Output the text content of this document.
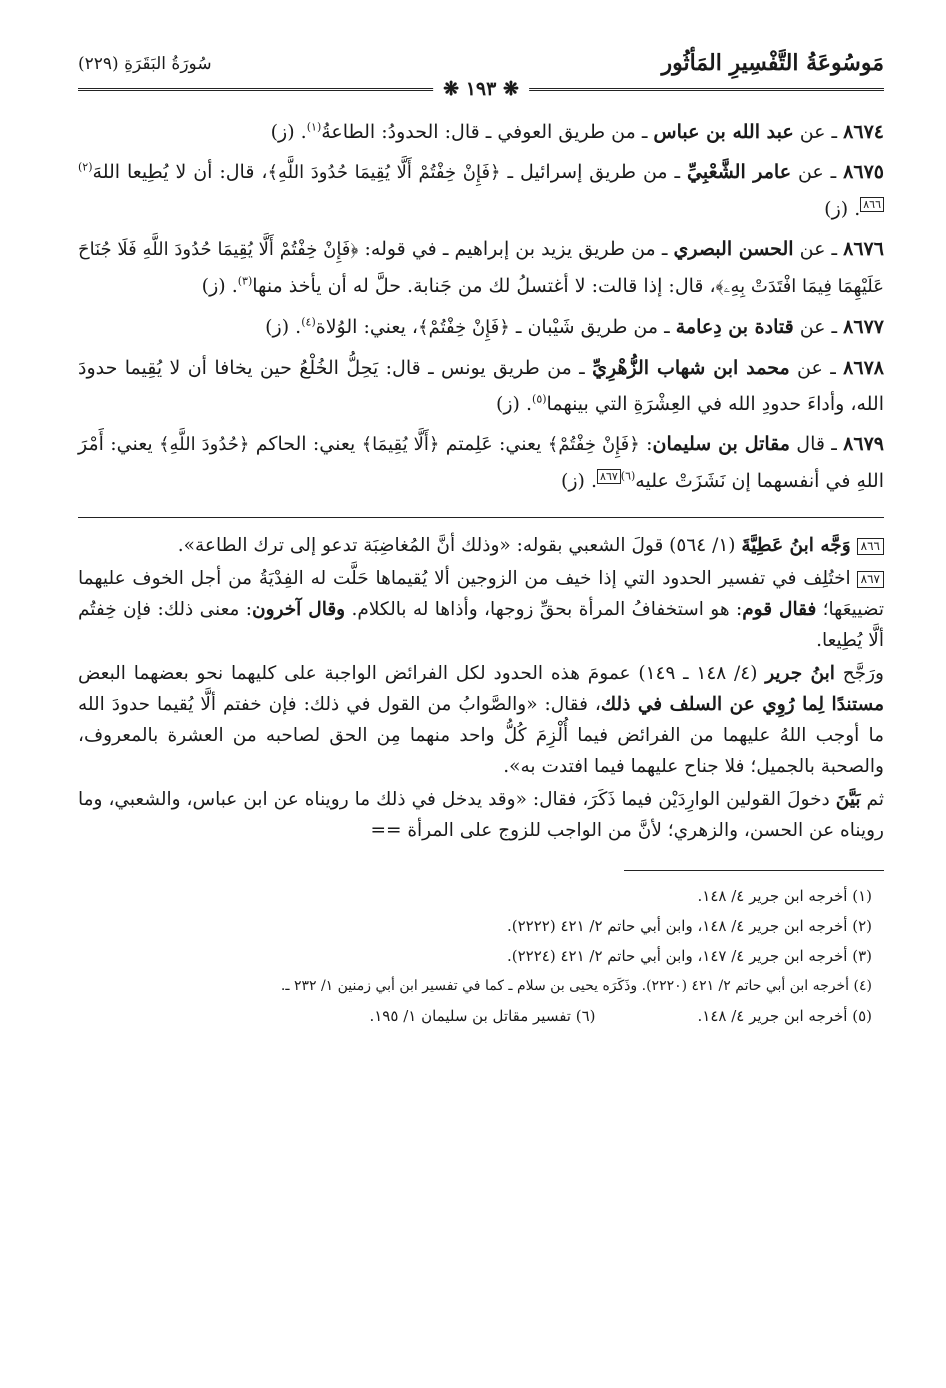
مَوسُوعَةُ التَّفْسِيرِ المَأثُور
سُورَةُ البَقَرَةِ (٢٢٩)
❋ ١٩٣ ❋

٨٦٧٤ ـ عن عبد الله بن عباس ـ من طريق العوفي ـ قال: الحدودُ: الطاعةُ$^{(١)}$. (ز)

٨٦٧٥ ـ عن عامر الشَّعْبِيِّ ـ من طريق إسرائيل ـ ﴿فَإِنْ خِفْتُمْ أَلَّا يُقِيمَا حُدُودَ اللَّهِ﴾، قال: أن لا يُطِيعا اللهَ$^{(٢)}$٨٦٦. (ز)

٨٦٧٦ ـ عن الحسن البصري ـ من طريق يزيد بن إبراهيم ـ في قوله: ﴿فَإِنْ خِفْتُمْ أَلَّا يُقِيمَا حُدُودَ اللَّهِ فَلَا جُنَاحَ عَلَيْهِمَا فِيمَا افْتَدَتْ بِهِۦ﴾، قال: إذا قالت: لا أغتسلُ لك من جَنابة. حلَّ له أن يأخذ منها$^{(٣)}$. (ز)

٨٦٧٧ ـ عن قتادة بن دِعامة ـ من طريق شَيْبان ـ ﴿فَإِنْ خِفْتُمْ﴾، يعني: الوُلاة$^{(٤)}$. (ز)

٨٦٧٨ ـ عن محمد ابن شهاب الزُّهْرِيِّ ـ من طريق يونس ـ قال: يَحِلُّ الخُلْعُ حين يخافا أن لا يُقِيما حدودَ الله، وأداءَ حدودِ الله في العِشْرَةِ التي بينهما$^{(٥)}$. (ز)

٨٦٧٩ ـ قال مقاتل بن سليمان: ﴿فَإِنْ خِفْتُمْ﴾ يعني: عَلِمتم ﴿أَلَّا يُقِيمَا﴾ يعني: الحاكم ﴿حُدُودَ اللَّهِ﴾ يعني: أَمْرَ اللهِ في أنفسهما إن نَشَزَتْ عليه$^{(٦)}$٨٦٧. (ز)

٨٦٦وَجَّه ابنُ عَطِيَّةَ (١/ ٥٦٤) قولَ الشعبي بقوله: «وذلك أنَّ المُغاضِبَة تدعو إلى ترك الطاعة».

٨٦٧اختُلِف في تفسير الحدود التي إذا خيف من الزوجين ألا يُقيماها حَلَّت له الفِدْيَةُ من أجل الخوف عليهما تضييعَها؛ فقال قوم: هو استخفافُ المرأة بحقِّ زوجها، وأذاها له بالكلام. وقال آخرون: معنى ذلك: فإن خِفتُم ألَّا يُطِيعا.

ورَجَّح ابنُ جرير (٤/ ١٤٨ ـ ١٤٩) عمومَ هذه الحدود لكل الفرائض الواجبة على كليهما نحو بعضهما البعض مستندًا لِما رُوِي عن السلف في ذلك، فقال: «والصَّوابُ من القول في ذلك: فإن خفتم ألَّا يُقيما حدودَ الله ما أوجب اللهُ عليهما من الفرائض فيما أُلْزِمَ كُلُّ واحد منهما مِن الحق لصاحبه من العشرة بالمعروف، والصحبة بالجميل؛ فلا جناح عليهما فيما افتدت به».

ثم بَيَّنَ دخولَ القولين الوارِدَيْن فيما ذَكَرَ، فقال: «وقد يدخل في ذلك ما رويناه عن ابن عباس، والشعبي، وما رويناه عن الحسن، والزهري؛ لأنَّ من الواجب للزوج على المرأة ==

(١) أخرجه ابن جرير ٤/ ١٤٨.

(٢) أخرجه ابن جرير ٤/ ١٤٨، وابن أبي حاتم ٢/ ٤٢١ (٢٢٢٢).

(٣) أخرجه ابن جرير ٤/ ١٤٧، وابن أبي حاتم ٢/ ٤٢١ (٢٢٢٤).

(٤) أخرجه ابن أبي حاتم ٢/ ٤٢١ (٢٢٢٠). وذَكَرَه يحيى بن سلام ـ كما في تفسير ابن أبي زمنين ١/ ٢٣٢ ـ.

(٥) أخرجه ابن جرير ٤/ ١٤٨.

(٦) تفسير مقاتل بن سليمان ١/ ١٩٥.
